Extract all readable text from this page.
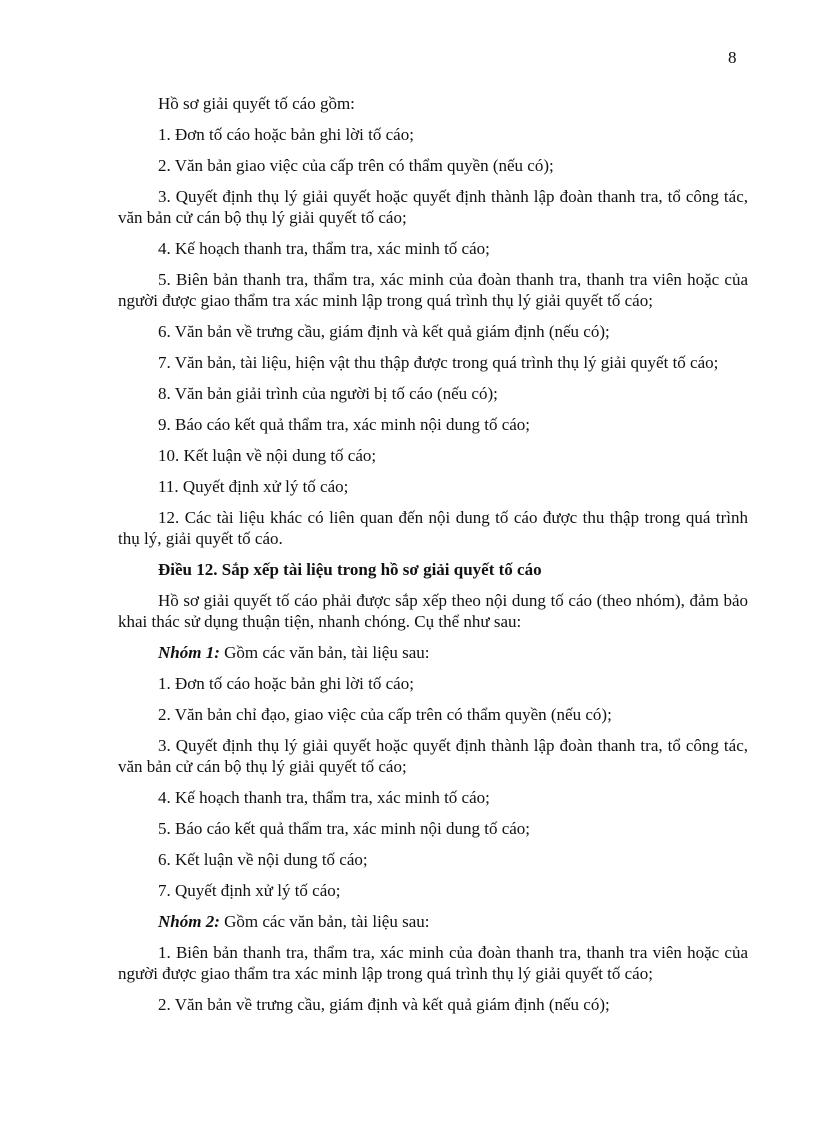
8

Hồ sơ giải quyết tố cáo gồm:

1. Đơn tố cáo hoặc bản ghi lời tố cáo;

2. Văn bản giao việc của cấp trên có thẩm quyền (nếu có);

3. Quyết định thụ lý giải quyết hoặc quyết định thành lập đoàn thanh tra, tổ công tác, văn bản cử cán bộ thụ lý giải quyết tố cáo;

4. Kế hoạch thanh tra, thẩm tra, xác minh tố cáo;

5. Biên bản thanh tra, thẩm tra, xác minh của đoàn thanh tra, thanh tra viên hoặc của người được giao thẩm tra xác minh lập trong quá trình thụ lý giải quyết tố cáo;

6. Văn bản về trưng cầu, giám định và kết quả giám định (nếu có);

7. Văn bản, tài liệu, hiện vật thu thập được trong quá trình thụ lý giải quyết tố cáo;

8. Văn bản giải trình của người bị tố cáo (nếu có);

9. Báo cáo kết quả thẩm tra, xác minh nội dung tố cáo;

10. Kết luận về nội dung tố cáo;

11. Quyết định xử lý tố cáo;

12. Các tài liệu khác có liên quan đến nội dung tố cáo được thu thập trong quá trình thụ lý, giải quyết tố cáo.

Điều 12. Sắp xếp tài liệu trong hồ sơ giải quyết tố cáo

Hồ sơ giải quyết tố cáo phải được sắp xếp theo nội dung tố cáo (theo nhóm), đảm bảo khai thác sử dụng thuận tiện, nhanh chóng. Cụ thể như sau:

Nhóm 1: Gồm các văn bản, tài liệu sau:

1. Đơn tố cáo hoặc bản ghi lời tố cáo;

2. Văn bản chỉ đạo, giao việc của cấp trên có thẩm quyền (nếu có);

3. Quyết định thụ lý giải quyết hoặc quyết định thành lập đoàn thanh tra, tổ công tác, văn bản cử cán bộ thụ lý giải quyết tố cáo;

4. Kế hoạch thanh tra, thẩm tra, xác minh tố cáo;

5. Báo cáo kết quả thẩm tra, xác minh nội dung tố cáo;

6. Kết luận về nội dung tố cáo;

7. Quyết định xử lý tố cáo;

Nhóm 2: Gồm các văn bản, tài liệu sau:

1. Biên bản thanh tra, thẩm tra, xác minh của đoàn thanh tra, thanh tra viên hoặc của người được giao thẩm tra xác minh lập trong quá trình thụ lý giải quyết tố cáo;

2. Văn bản về trưng cầu, giám định và kết quả giám định (nếu có);
